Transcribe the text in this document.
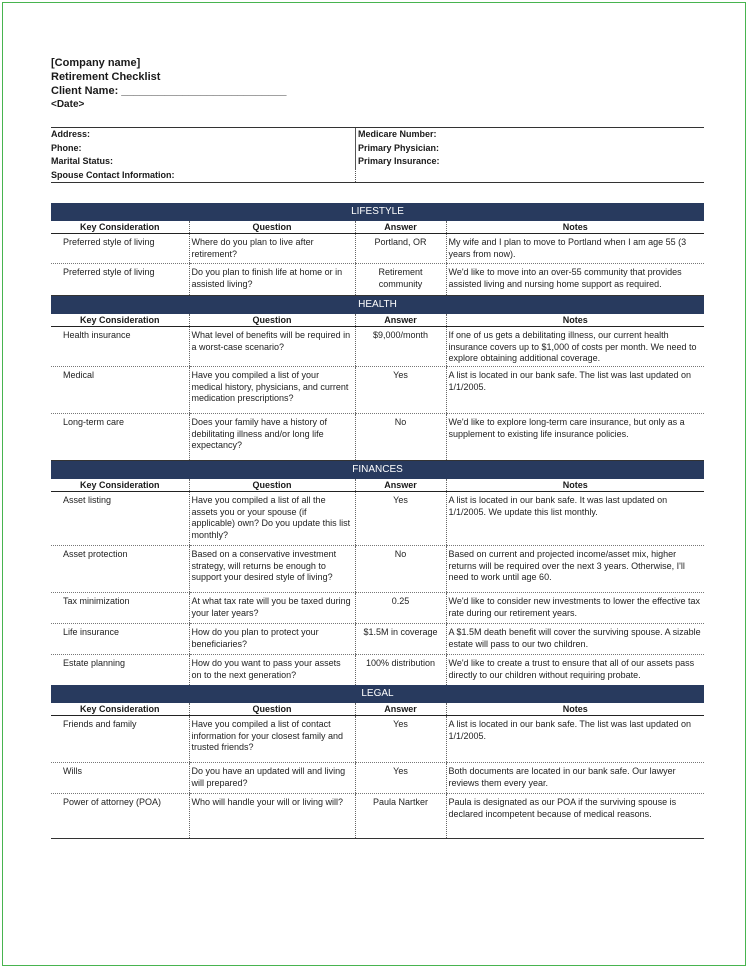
[Company name]
Retirement Checklist
Client Name: ___________________________
<Date>
Address:	Medicare Number:
Phone:	Primary Physician:
Marital Status:	Primary Insurance:
Spouse Contact Information:
LIFESTYLE
Key Consideration	Question	Answer	Notes
Preferred style of living	Where do you plan to live after retirement?	Portland, OR	My wife and I plan to move to Portland when I am age 55 (3 years from now).
Preferred style of living	Do you plan to finish life at home or in assisted living?	Retirement community	We'd like to move into an over-55 community that provides assisted living and nursing home support as required.
HEALTH
Key Consideration	Question	Answer	Notes
Health insurance	What level of benefits will be required in a worst-case scenario?	$9,000/month	If one of us gets a debilitating illness, our current health insurance covers up to $1,000 of costs per month. We need to explore obtaining additional coverage.
Medical	Have you compiled a list of your medical history, physicians, and current medication prescriptions?	Yes	A list is located in our bank safe. The list was last updated on 1/1/2005.
Long-term care	Does your family have a history of debilitating illness and/or long life expectancy?	No	We'd like to explore long-term care insurance, but only as a supplement to existing life insurance policies.
FINANCES
Key Consideration	Question	Answer	Notes
Asset listing	Have you compiled a list of all the assets you or your spouse (if applicable) own? Do you update this list monthly?	Yes	A list is located in our bank safe. It was last updated on 1/1/2005. We update this list monthly.
Asset protection	Based on a conservative investment strategy, will returns be enough to support your desired style of living?	No	Based on current and projected income/asset mix, higher returns will be required over the next 3 years. Otherwise, I'll need to work until age 60.
Tax minimization	At what tax rate will you be taxed during your later years?	0.25	We'd like to consider new investments to lower the effective tax rate during our retirement years.
Life insurance	How do you plan to protect your beneficiaries?	$1.5M in coverage	A $1.5M death benefit will cover the surviving spouse. A sizable estate will pass to our two children.
Estate planning	How do you want to pass your assets on to the next generation?	100% distribution	We'd like to create a trust to ensure that all of our assets pass directly to our children without requiring probate.
LEGAL
Key Consideration	Question	Answer	Notes
Friends and family	Have you compiled a list of contact information for your closest family and trusted friends?	Yes	A list is located in our bank safe. The list was last updated on 1/1/2005.
Wills	Do you have an updated will and living will prepared?	Yes	Both documents are located in our bank safe. Our lawyer reviews them every year.
Power of attorney (POA)	Who will handle your will or living will?	Paula Nartker	Paula is designated as our POA if the surviving spouse is declared incompetent because of medical reasons.
